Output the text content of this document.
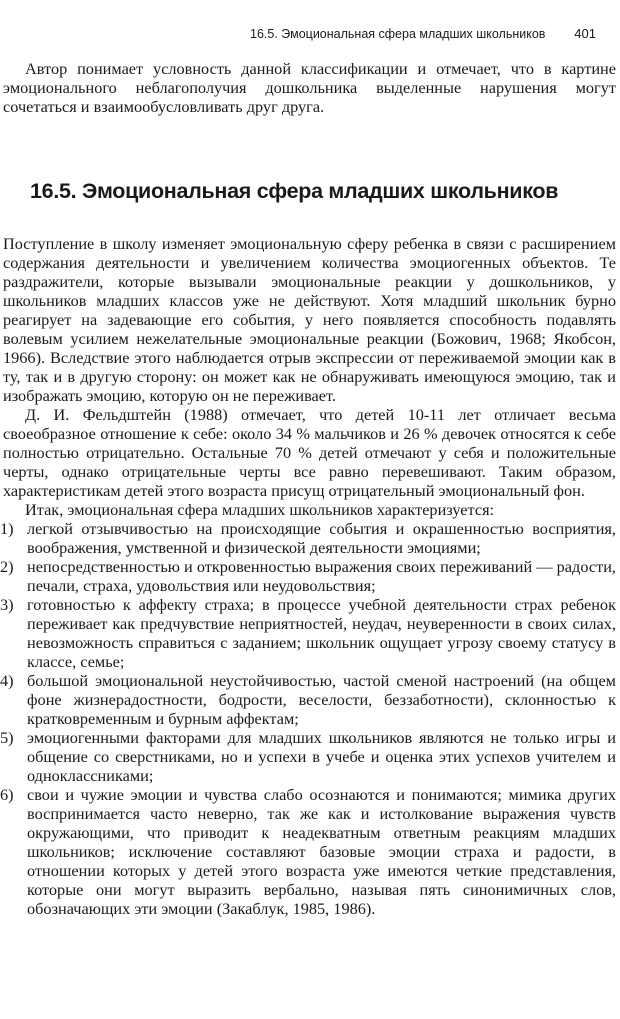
16.5. Эмоциональная сфера младших школьников 401

Автор понимает условность данной классификации и отмечает, что в картине эмоционального неблагополучия дошкольника выделенные нарушения могут сочетаться и взаимообусловливать друг друга.

16.5. Эмоциональная сфера младших школьников

Поступление в школу изменяет эмоциональную сферу ребенка в связи с расширением содержания деятельности и увеличением количества эмоциогенных объектов. Те раздражители, которые вызывали эмоциональные реакции у дошкольников, у школьников младших классов уже не действуют. Хотя младший школьник бурно реагирует на задевающие его события, у него появляется способность подавлять волевым усилием нежелательные эмоциональные реакции (Божович, 1968; Якобсон, 1966). Вследствие этого наблюдается отрыв экспрессии от переживаемой эмоции как в ту, так и в другую сторону: он может как не обнаруживать имеющуюся эмоцию, так и изображать эмоцию, которую он не переживает.

Д. И. Фельдштейн (1988) отмечает, что детей 10-11 лет отличает весьма своеобразное отношение к себе: около 34 % мальчиков и 26 % девочек относятся к себе полностью отрицательно. Остальные 70 % детей отмечают у себя и положительные черты, однако отрицательные черты все равно перевешивают. Таким образом, характеристикам детей этого возраста присущ отрицательный эмоциональный фон.

Итак, эмоциональная сфера младших школьников характеризуется:

1) легкой отзывчивостью на происходящие события и окрашенностью восприятия, воображения, умственной и физической деятельности эмоциями;
2) непосредственностью и откровенностью выражения своих переживаний — радости, печали, страха, удовольствия или неудовольствия;
3) готовностью к аффекту страха; в процессе учебной деятельности страх ребенок переживает как предчувствие неприятностей, неудач, неуверенности в своих силах, невозможность справиться с заданием; школьник ощущает угрозу своему статусу в классе, семье;
4) большой эмоциональной неустойчивостью, частой сменой настроений (на общем фоне жизнерадостности, бодрости, веселости, беззаботности), склонностью к кратковременным и бурным аффектам;
5) эмоциогенными факторами для младших школьников являются не только игры и общение со сверстниками, но и успехи в учебе и оценка этих успехов учителем и одноклассниками;
6) свои и чужие эмоции и чувства слабо осознаются и понимаются; мимика других воспринимается часто неверно, так же как и истолкование выражения чувств окружающими, что приводит к неадекватным ответным реакциям младших школьников; исключение составляют базовые эмоции страха и радости, в отношении которых у детей этого возраста уже имеются четкие представления, которые они могут выразить вербально, называя пять синонимичных слов, обозначающих эти эмоции (Закаблук, 1985, 1986).
